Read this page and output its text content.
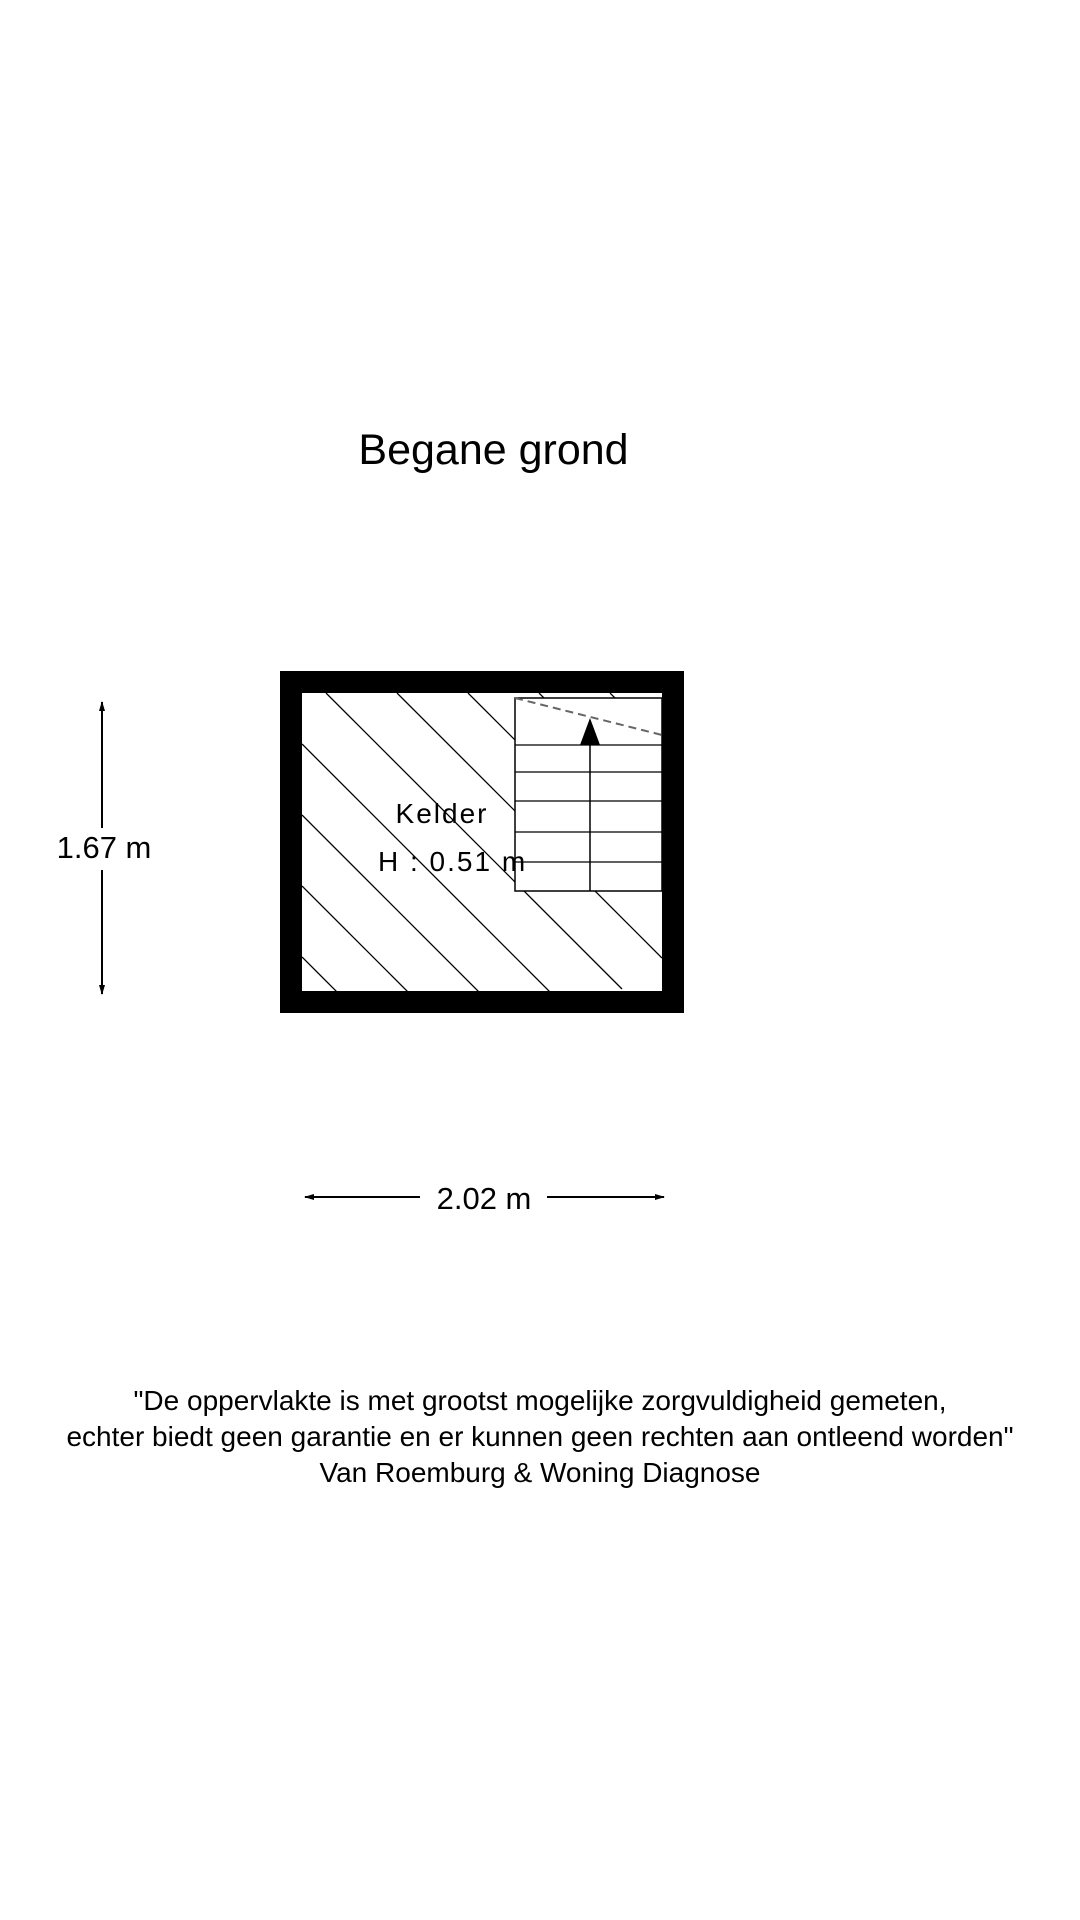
Begane grond
Kelder
H : 0.51 m
1.67 m
2.02 m
"De oppervlakte is met grootst mogelijke zorgvuldigheid gemeten,
echter biedt geen garantie en er kunnen geen rechten aan ontleend worden"
Van Roemburg & Woning Diagnose
